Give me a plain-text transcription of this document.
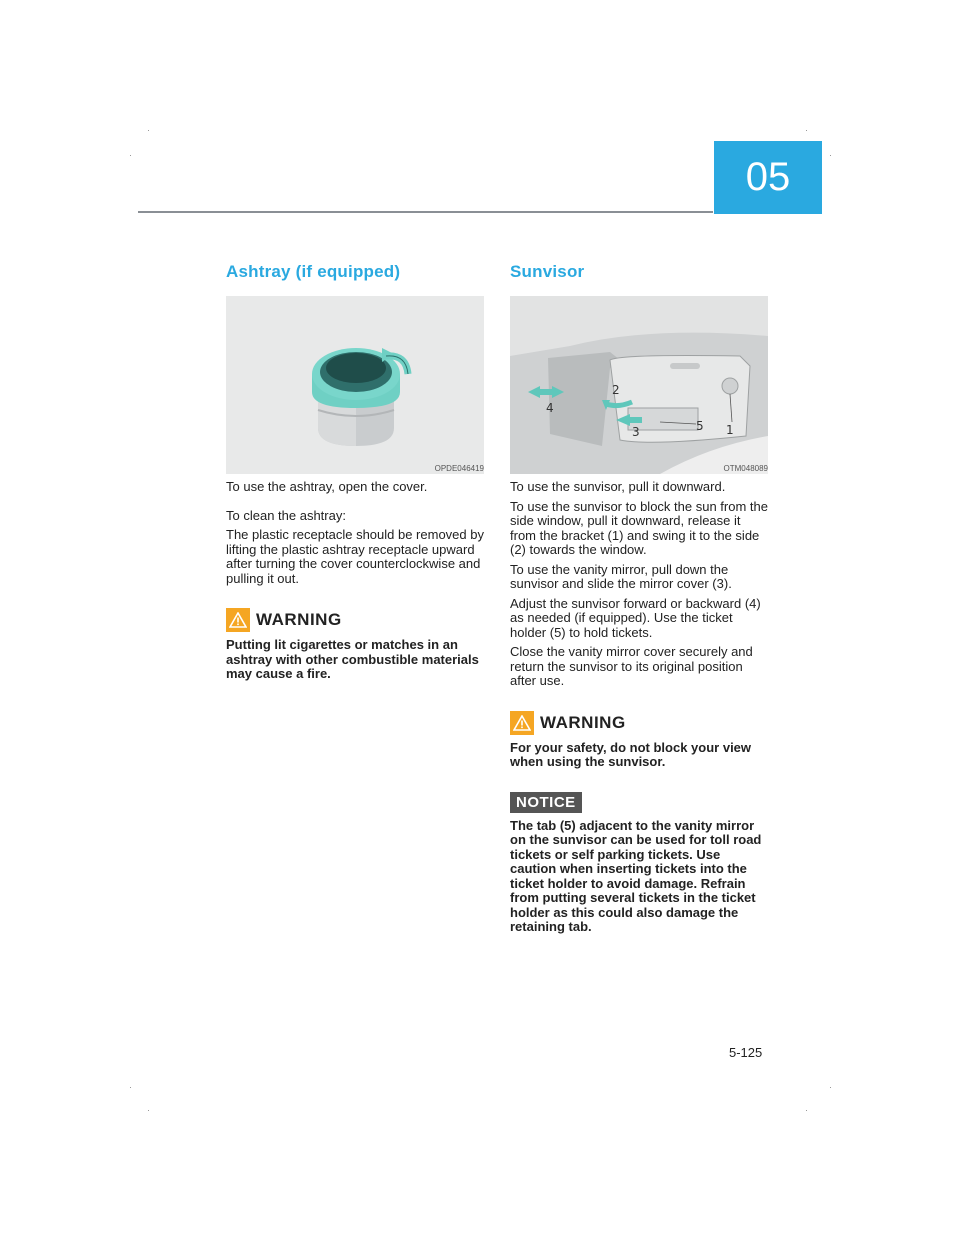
05
Ashtray (if equipped)
OPDE046419

To use the ashtray, open the cover.

To clean the ashtray:

The plastic receptacle should be removed by lifting the plastic ashtray receptacle upward after turning the cover counterclockwise and pulling it out.

WARNING

Putting lit cigarettes or matches in an ashtray with other combustible materials may cause a fire.

Sunvisor
4
2
3	5 1
OTM048089

To use the sunvisor, pull it downward.

To use the sunvisor to block the sun from the side window, pull it downward, release it from the bracket (1) and swing it to the side (2) towards the window.

To use the vanity mirror, pull down the sunvisor and slide the mirror cover (3).

Adjust the sunvisor forward or backward (4) as needed (if equipped). Use the ticket holder (5) to hold tickets.

Close the vanity mirror cover securely and return the sunvisor to its original position after use.

WARNING

For your safety, do not block your view when using the sunvisor.

NOTICE

The tab (5) adjacent to the vanity mirror on the sunvisor can be used for toll road tickets or self parking tickets. Use caution when inserting tickets into the ticket holder to avoid damage. Refrain from putting several tickets in the ticket holder as this could also damage the retaining tab.

5-125
